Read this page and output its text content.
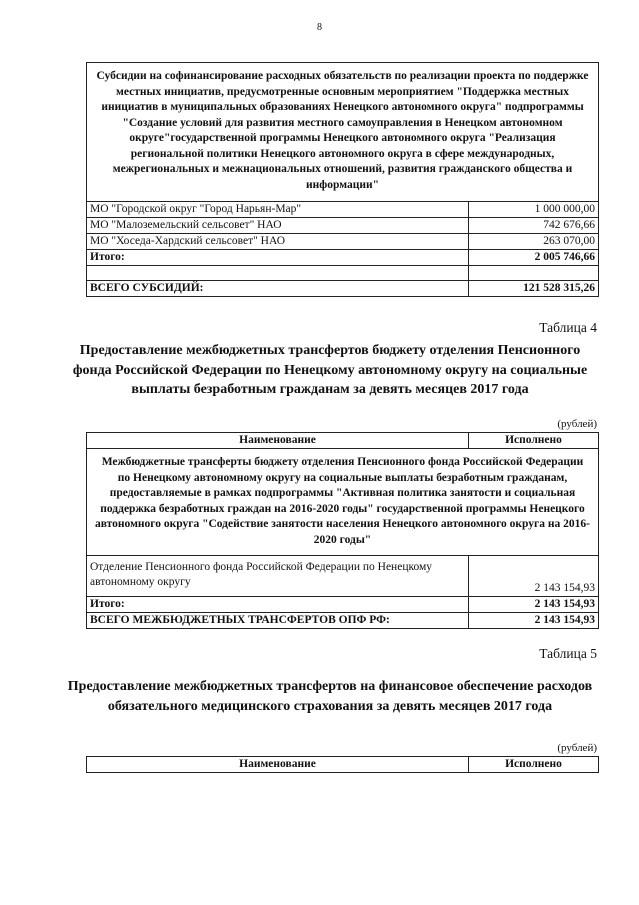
8
Субсидии на софинансирование расходных обязательств по реализации проекта по поддержке местных инициатив, предусмотренные основным мероприятием "Поддержка местных инициатив в муниципальных образованиях Ненецкого автономного округа" подпрограммы "Создание условий для развития местного самоуправления в Ненецком автономном округе"государственной программы Ненецкого автономного округа "Реализация региональной политики Ненецкого автономного округа в сфере международных, межрегиональных и межнациональных отношений, развития гражданского общества и информации"	
МО "Городской округ "Город Нарьян-Мар"	1 000 000,00
МО "Малоземельский сельсовет" НАО	742 676,66
МО "Хоседа-Хардский сельсовет" НАО	263 070,00
Итого:	2 005 746,66

ВСЕГО СУБСИДИЙ:	121 528 315,26
Таблица 4
Предоставление межбюджетных трансфертов бюджету отделения Пенсионного фонда Российской Федерации по Ненецкому автономному округу на социальные выплаты безработным гражданам за девять месяцев 2017 года
(рублей)
Наименование	Исполнено
Межбюджетные трансферты бюджету отделения Пенсионного фонда Российской Федерации по Ненецкому автономному округу на социальные выплаты безработным гражданам, предоставляемые в рамках подпрограммы "Активная политика занятости и социальная поддержка безработных граждан на 2016-2020 годы" государственной программы Ненецкого автономного округа "Содействие занятости населения Ненецкого автономного округа на 2016-2020 годы"	
Отделение Пенсионного фонда Российской Федерации по Ненецкому автономному округу	2 143 154,93
Итого:	2 143 154,93
ВСЕГО МЕЖБЮДЖЕТНЫХ ТРАНСФЕРТОВ ОПФ РФ:	2 143 154,93
Таблица 5
Предоставление межбюджетных трансфертов на финансовое обеспечение расходов обязательного медицинского страхования за девять месяцев 2017 года
(рублей)
Наименование	Исполнено
